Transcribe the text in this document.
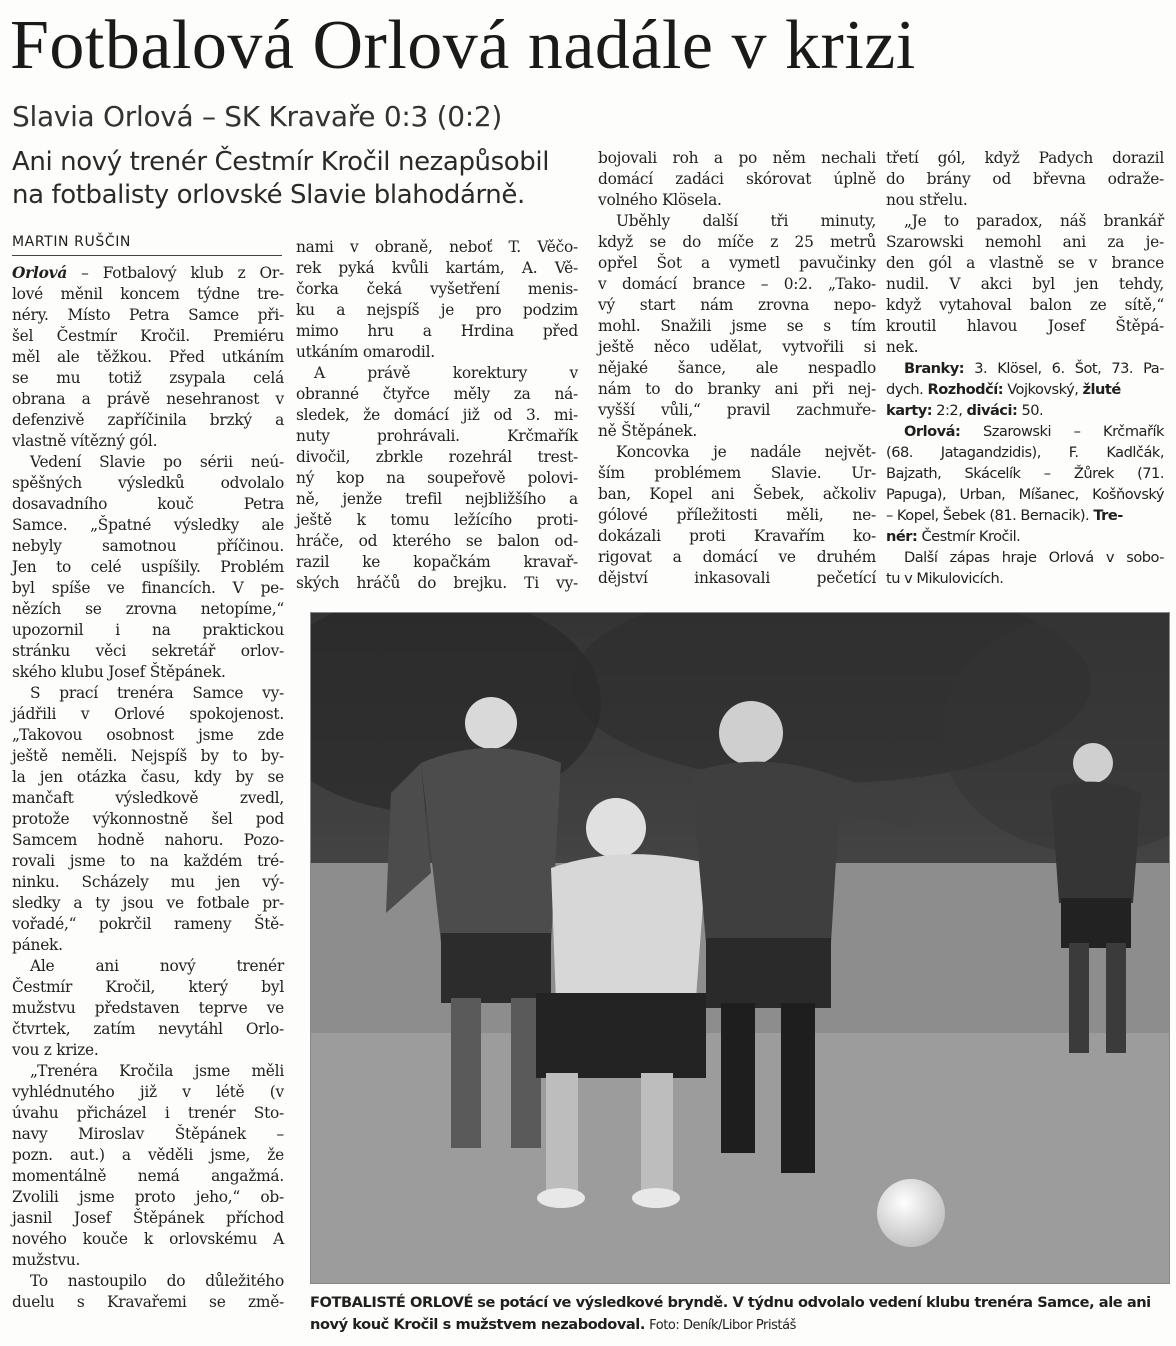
Fotbalová Orlová nadále v krizi
Slavia Orlová – SK Kravaře 0:3 (0:2)
Ani nový trenér Čestmír Kročil nezapůsobil
na fotbalisty orlovské Slavie blahodárně.
MARTIN RUŠČIN
Orlová – Fotbalový klub z Or-
lové měnil koncem týdne tre-
néry. Místo Petra Samce při-
šel Čestmír Kročil. Premiéru
měl ale těžkou. Před utkáním
se mu totiž zsypala celá
obrana a právě nesehranost v
defenzivě zapříčinila brzký a
vlastně vítězný gól.
Vedení Slavie po sérii neú-
spěšných výsledků odvolalo
dosavadního kouč Petra
Samce. „Špatné výsledky ale
nebyly samotnou příčinou.
Jen to celé uspíšily. Problém
byl spíše ve financích. V pe-
nězích se zrovna netopíme,“
upozornil i na praktickou
stránku věci sekretář orlov-
ského klubu Josef Štěpánek.
S prací trenéra Samce vy-
jádřili v Orlové spokojenost.
„Takovou osobnost jsme zde
ještě neměli. Nejspíš by to by-
la jen otázka času, kdy by se
mančaft výsledkově zvedl,
protože výkonnostně šel pod
Samcem hodně nahoru. Pozo-
rovali jsme to na každém tré-
ninku. Scházely mu jen vý-
sledky a ty jsou ve fotbale pr-
vořadé,“ pokrčil rameny Ště-
pánek.
Ale ani nový trenér
Čestmír Kročil, který byl
mužstvu představen teprve ve
čtvrtek, zatím nevytáhl Orlo-
vou z krize.
„Trenéra Kročila jsme měli
vyhlédnutého již v létě (v
úvahu přicházel i trenér Sto-
navy Miroslav Štěpánek –
pozn. aut.) a věděli jsme, že
momentálně nemá angažmá.
Zvolili jsme proto jeho,“ ob-
jasnil Josef Štěpánek příchod
nového kouče k orlovskému A
mužstvu.
To nastoupilo do důležitého
duelu s Kravařemi se změ-
nami v obraně, neboť T. Věčo-
rek pyká kvůli kartám, A. Vě-
čorka čeká vyšetření menis-
ku a nejspíš je pro podzim
mimo hru a Hrdina před
utkáním omarodil.
A právě korektury v
obranné čtyřce měly za ná-
sledek, že domácí již od 3. mi-
nuty prohrávali. Krčmařík
divočil, zbrkle rozehrál trest-
ný kop na soupeřově polovi-
ně, jenže trefil nejbližšího a
ještě k tomu ležícího proti-
hráče, od kterého se balon od-
razil ke kopačkám kravař-
ských hráčů do brejku. Ti vy-
bojovali roh a po něm nechali
domácí zadáci skórovat úplně
volného Klösela.
Uběhly další tři minuty,
když se do míče z 25 metrů
opřel Šot a vymetl pavučinky
v domácí brance – 0:2. „Tako-
vý start nám zrovna nepo-
mohl. Snažili jsme se s tím
ještě něco udělat, vytvořili si
nějaké šance, ale nespadlo
nám to do branky ani při nej-
vyšší vůli,“ pravil zachmuře-
ně Štěpánek.
Koncovka je nadále největ-
ším problémem Slavie. Ur-
ban, Kopel ani Šebek, ačkoliv
gólové příležitosti měli, ne-
dokázali proti Kravařím ko-
rigovat a domácí ve druhém
dějství inkasovali pečetící
třetí gól, když Padych dorazil
do brány od břevna odraže-
nou střelu.
„Je to paradox, náš brankář
Szarowski nemohl ani za je-
den gól a vlastně se v brance
nudil. V akci byl jen tehdy,
když vytahoval balon ze sítě,“
kroutil hlavou Josef Štěpá-
nek.
Branky: 3. Klösel, 6. Šot, 73. Pa-
dych. Rozhodčí: Vojkovský, žluté
karty: 2:2, diváci: 50.
Orlová: Szarowski – Krčmařík
(68. Jatagandzidis), F. Kadlčák,
Bajzath, Skácelík – Žůrek (71.
Papuga), Urban, Míšanec, Košňovský
– Kopel, Šebek (81. Bernacik). Tre-
nér: Čestmír Kročil.
Další zápas hraje Orlová v sobo-
tu v Mikulovicích.
FOTBALISTÉ ORLOVÉ se potácí ve výsledkové bryndě. V týdnu odvolalo vedení klubu trenéra Samce, ale ani
nový kouč Kročil s mužstvem nezabodoval. Foto: Deník/Libor Pristáš
